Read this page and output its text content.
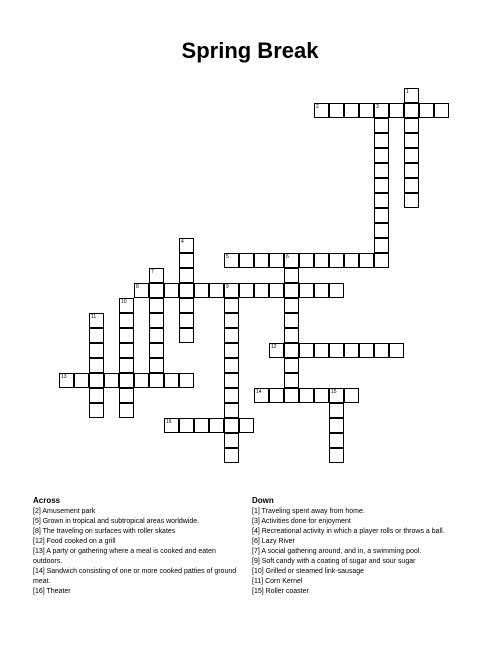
Spring Break
1
2	3
4
5	6
7
8	9
10
11
12
13
14	15
16
Across
[2] Amusement park
[5] Grown in tropical and subtropical areas worldwide.
[8] The traveling on surfaces with roller skates
[12] Food cooked on a grill
[13] A party or gathering where a meal is cooked and eaten outdoors.
[14] Sandwich consisting of one or more cooked patties of ground meat.
[16] Theater
Down
[1] Traveling spent away from home.
[3] Activities done for enjoyment
[4] Recreational activity in which a player rolls or throws a ball.
[6] Lazy River
[7] A social gathering around, and in, a swimming pool.
[9] Soft candy with a coating of sugar and sour sugar
[10] Grilled or steamed link-sausage
[11] Corn Kernel
[15] Roller coaster
